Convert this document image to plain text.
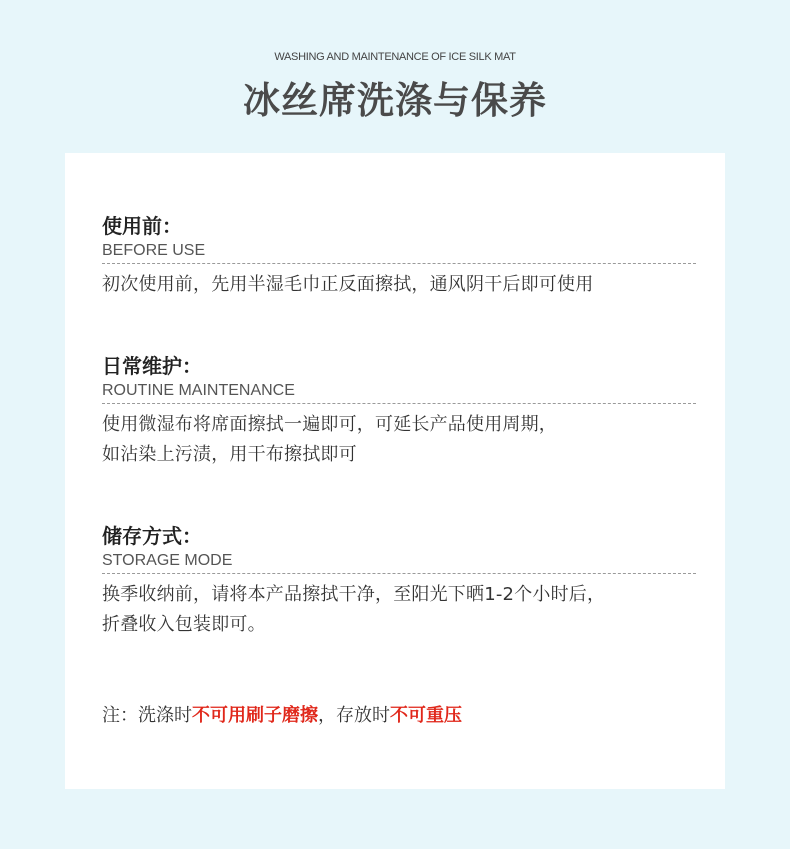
WASHING AND MAINTENANCE OF ICE SILK MAT
冰丝席洗涤与保养
使用前：
BEFORE USE
初次使用前，先用半湿毛巾正反面擦拭，通风阴干后即可使用
日常维护：
ROUTINE MAINTENANCE
使用微湿布将席面擦拭一遍即可，可延长产品使用周期，
如沾染上污渍，用干布擦拭即可
储存方式：
STORAGE MODE
换季收纳前，请将本产品擦拭干净，至阳光下晒1-2个小时后，
折叠收入包装即可。
注：洗涤时不可用刷子磨擦，存放时不可重压
